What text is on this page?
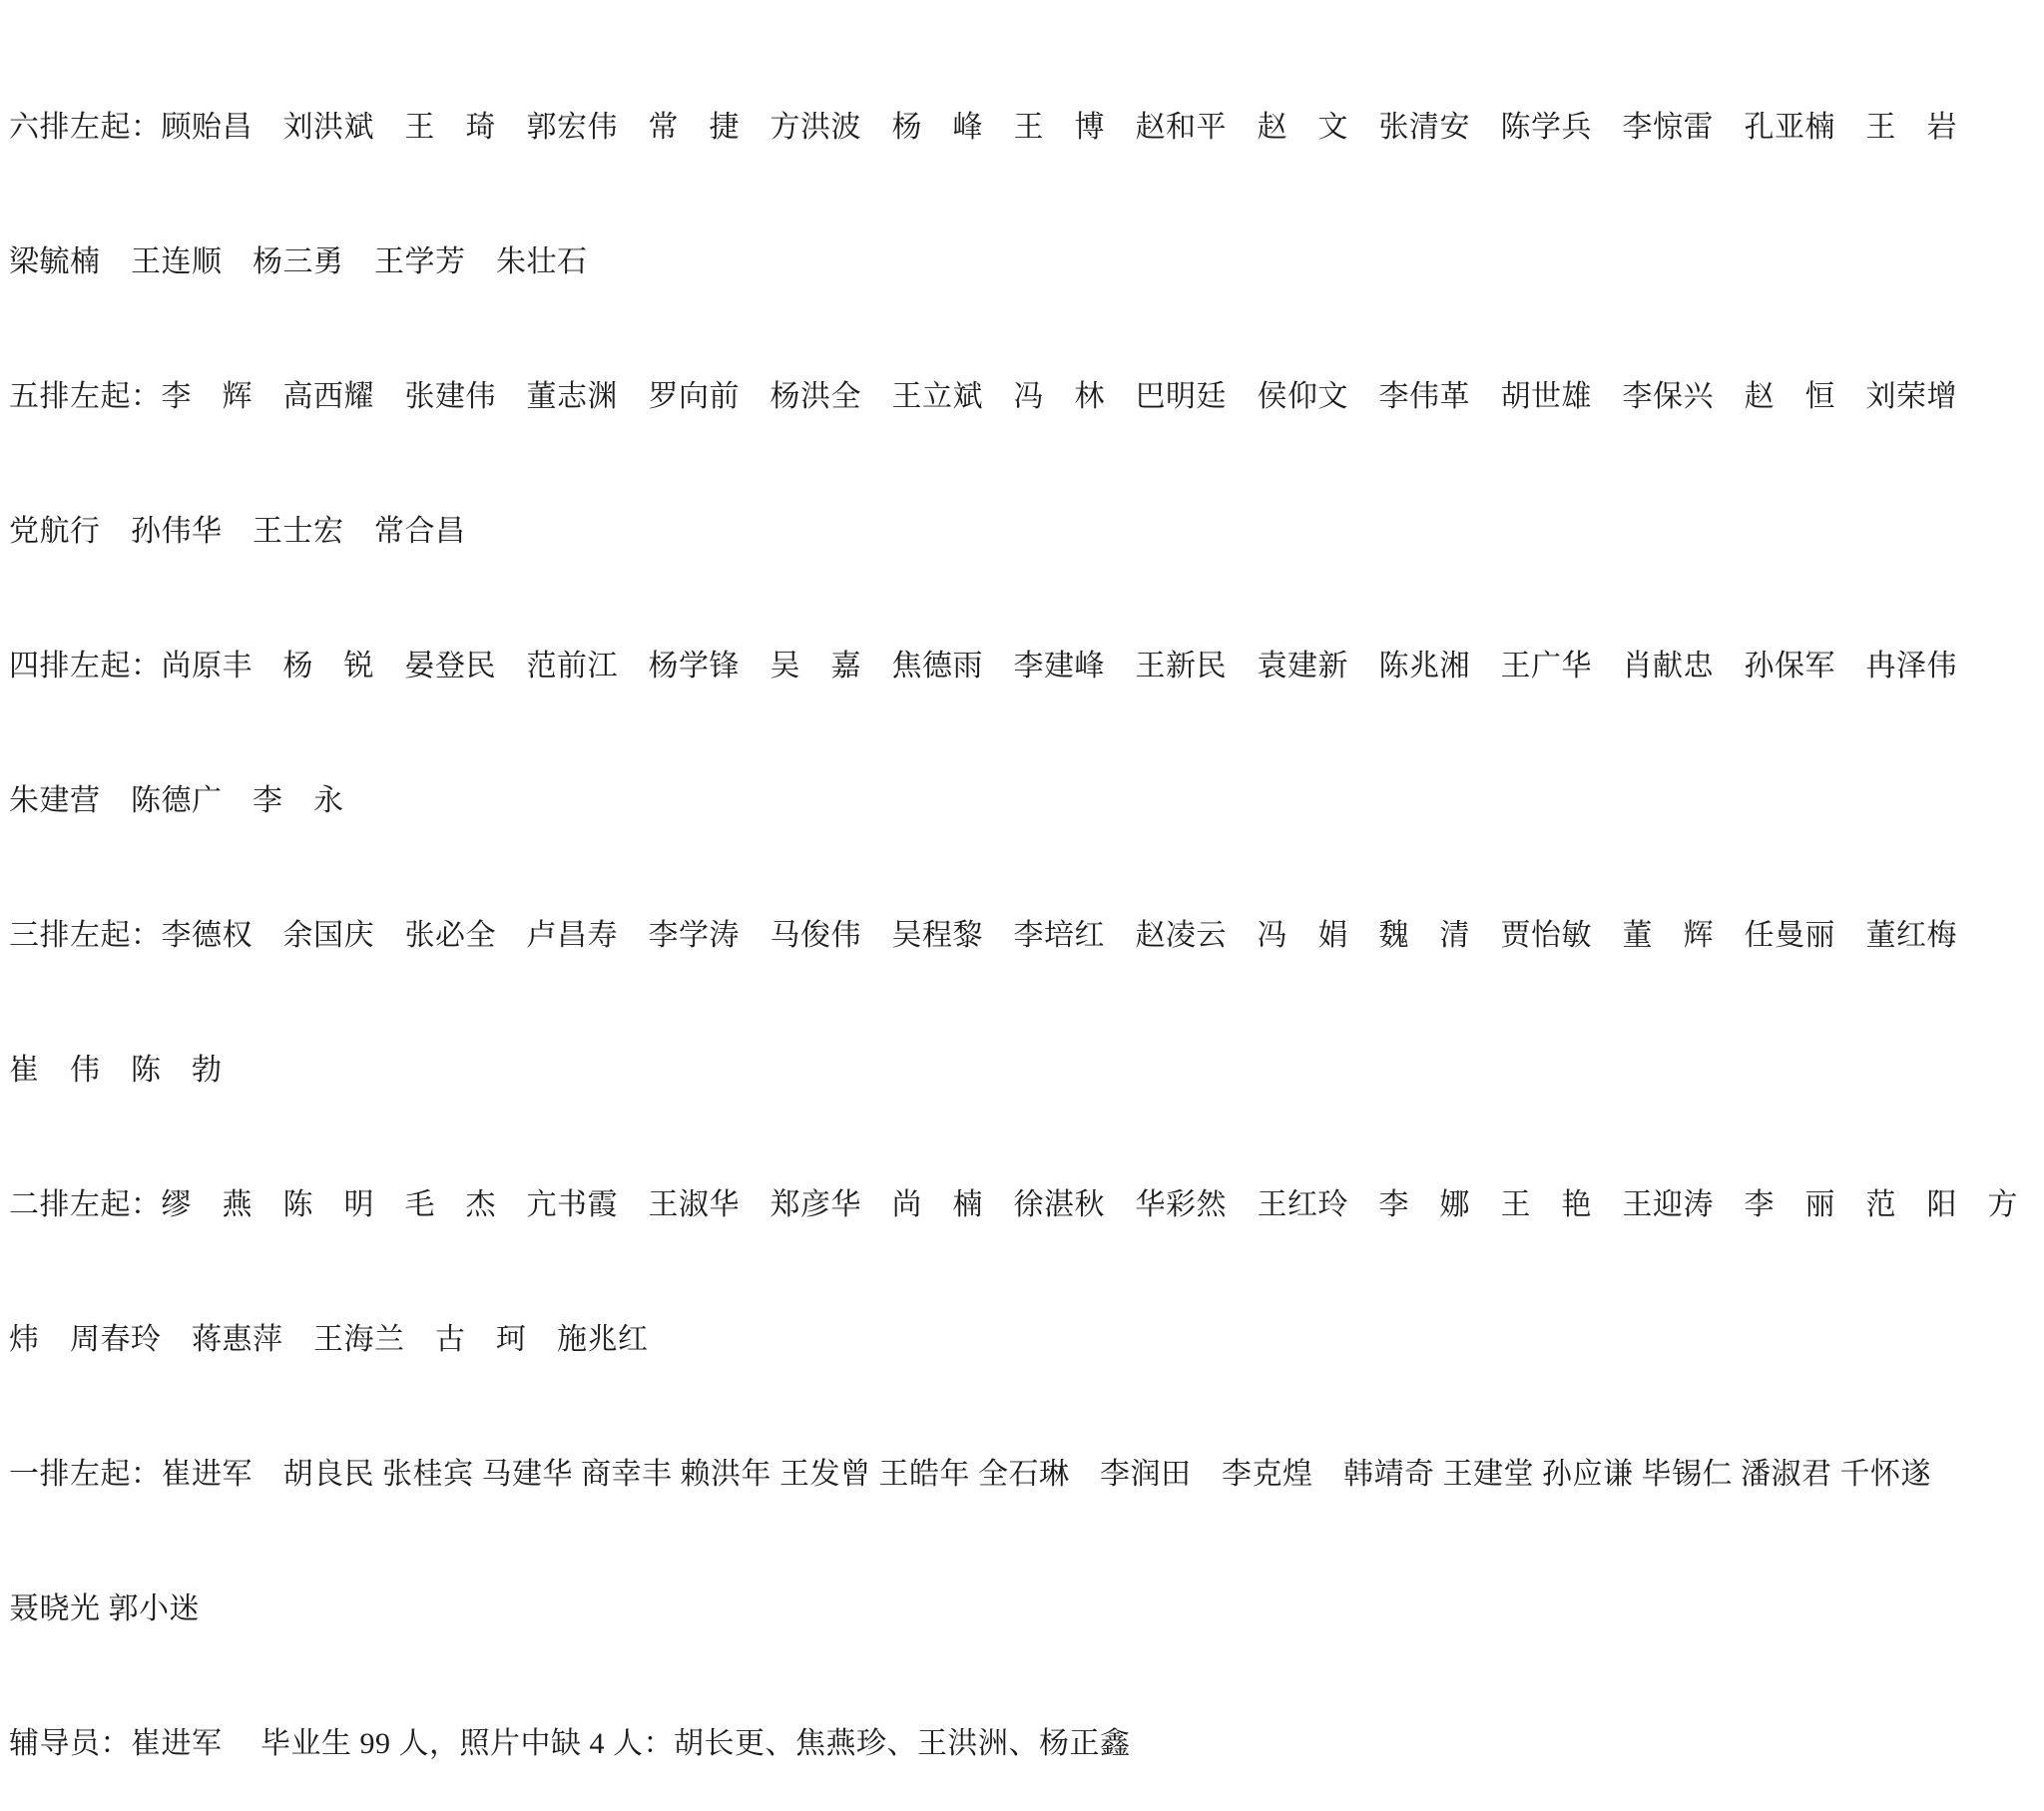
六排左起：顾贻昌　刘洪斌　王　琦　郭宏伟　常　捷　方洪波　杨　峰　王　博　赵和平　赵　文　张清安　陈学兵　李惊雷　孔亚楠　王　岩

梁毓楠　王连顺　杨三勇　王学芳　朱壮石

五排左起：李　辉　高西耀　张建伟　董志渊　罗向前　杨洪全　王立斌　冯　林　巴明廷　侯仰文　李伟革　胡世雄　李保兴　赵　恒　刘荣增

党航行　孙伟华　王士宏　常合昌

四排左起：尚原丰　杨　锐　晏登民　范前江　杨学锋　吴　嘉　焦德雨　李建峰　王新民　袁建新　陈兆湘　王广华　肖献忠　孙保军　冉泽伟

朱建营　陈德广　李　永

三排左起：李德权　余国庆　张必全　卢昌寿　李学涛　马俊伟　吴程黎　李培红　赵凌云　冯　娟　魏　清　贾怡敏　董　辉　任曼丽　董红梅

崔　伟　陈　勃

二排左起：缪　燕　陈　明　毛　杰　亢书霞　王淑华　郑彦华　尚　楠　徐湛秋　华彩然　王红玲　李　娜　王　艳　王迎涛　李　丽　范　阳　方

炜　周春玲　蒋惠萍　王海兰　古　珂　施兆红

一排左起：崔进军　胡良民 张桂宾 马建华 商幸丰 赖洪年 王发曾 王皓年 全石琳　李润田　李克煌　韩靖奇 王建堂 孙应谦 毕锡仁 潘淑君 千怀遂

聂晓光 郭小迷

辅导员：崔进军　 毕业生 99 人，照片中缺 4 人：胡长更、焦燕珍、王洪洲、杨正鑫
